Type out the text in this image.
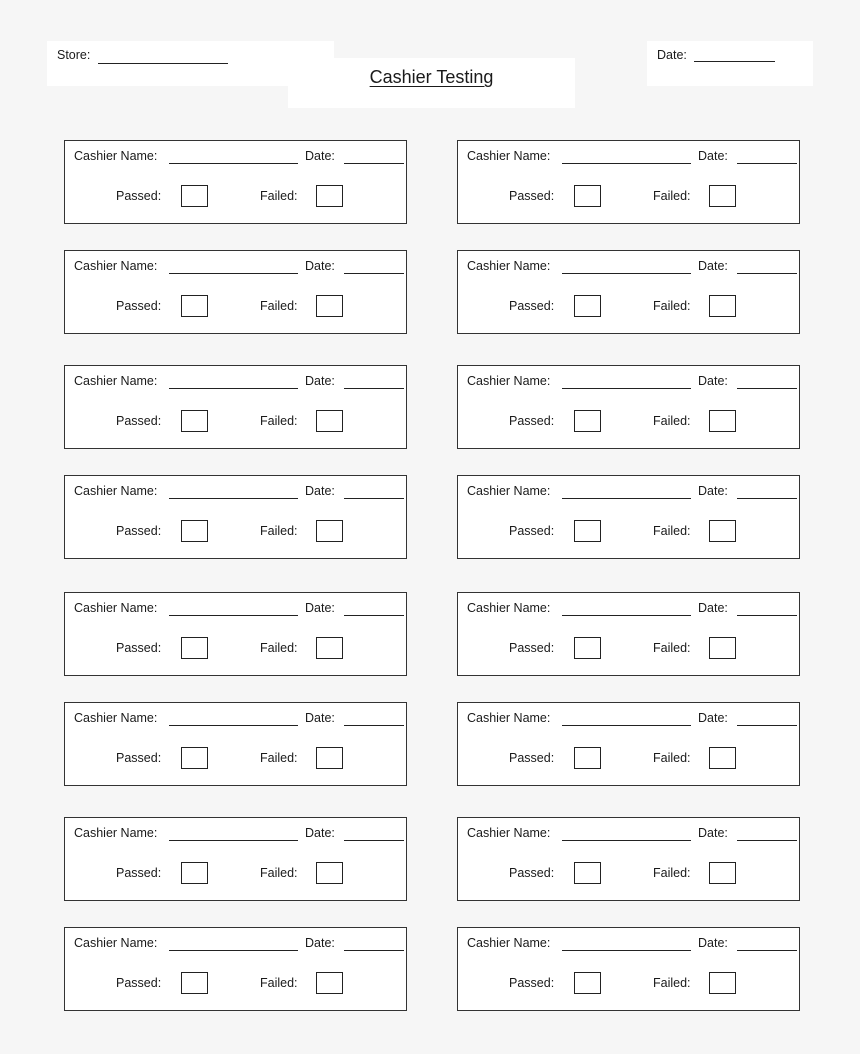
Store:
Cashier Testing
Date:
Cashier Name:	Date:
Passed:	Failed:
Cashier Name:	Date:
Passed:	Failed:
Cashier Name:	Date:
Passed:	Failed:
Cashier Name:	Date:
Passed:	Failed:
Cashier Name:	Date:
Passed:	Failed:
Cashier Name:	Date:
Passed:	Failed:
Cashier Name:	Date:
Passed:	Failed:
Cashier Name:	Date:
Passed:	Failed:
Cashier Name:	Date:
Passed:	Failed:
Cashier Name:	Date:
Passed:	Failed:
Cashier Name:	Date:
Passed:	Failed:
Cashier Name:	Date:
Passed:	Failed:
Cashier Name:	Date:
Passed:	Failed:
Cashier Name:	Date:
Passed:	Failed:
Cashier Name:	Date:
Passed:	Failed:
Cashier Name:	Date:
Passed:	Failed:
